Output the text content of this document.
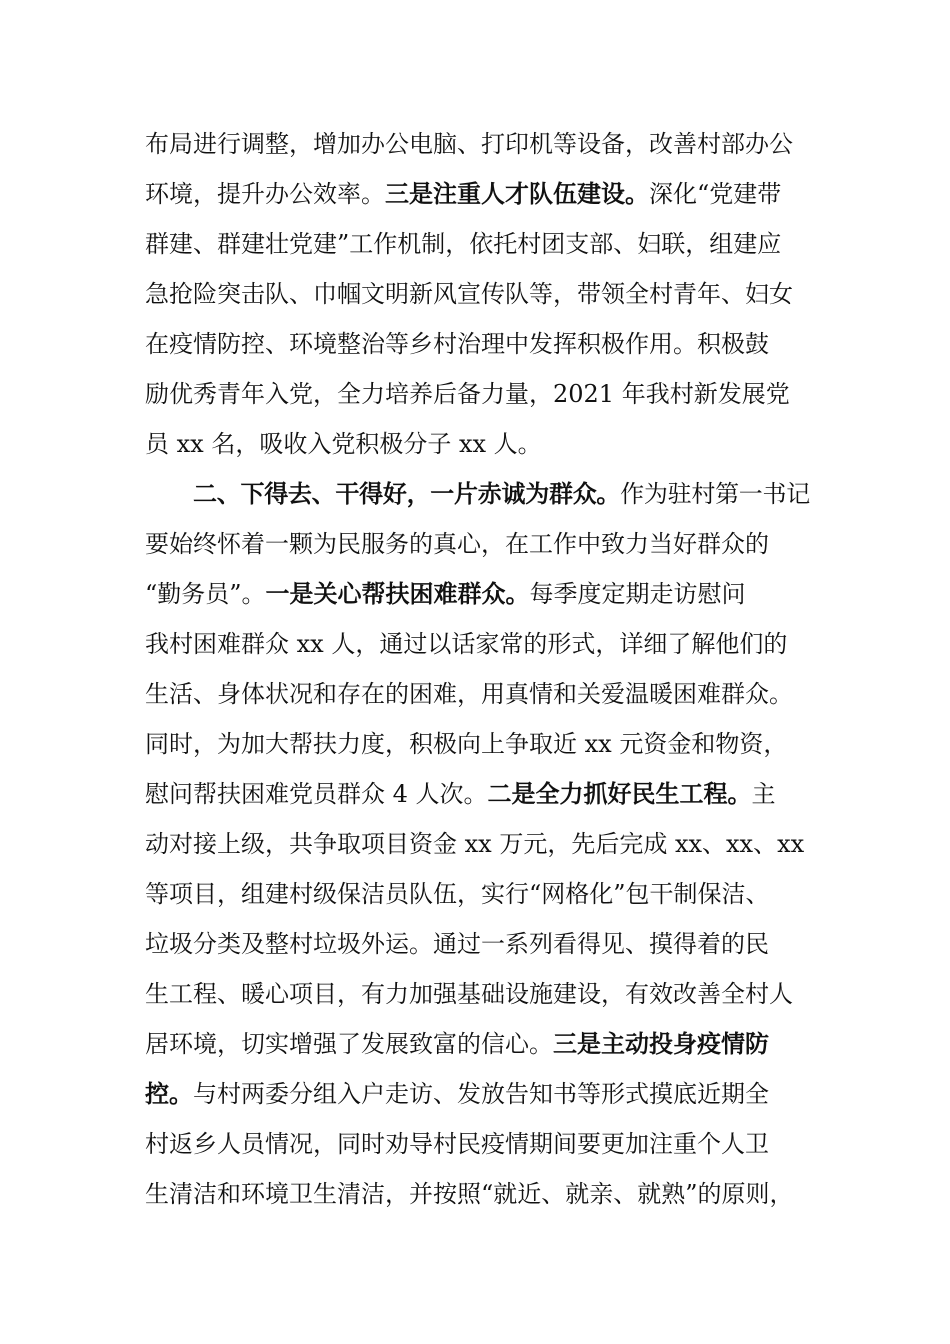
布局进行调整，增加办公电脑、打印机等设备，改善村部办公
环境，提升办公效率。三是注重人才队伍建设。深化“党建带
群建、群建壮党建”工作机制，依托村团支部、妇联，组建应
急抢险突击队、巾帼文明新风宣传队等，带领全村青年、妇女
在疫情防控、环境整治等乡村治理中发挥积极作用。积极鼓
励优秀青年入党，全力培养后备力量，2021 年我村新发展党
员 xx 名，吸收入党积极分子 xx 人。
二、下得去、干得好，一片赤诚为群众。作为驻村第一书记
要始终怀着一颗为民服务的真心，在工作中致力当好群众的
“勤务员”。一是关心帮扶困难群众。每季度定期走访慰问
我村困难群众 xx 人，通过以话家常的形式，详细了解他们的
生活、身体状况和存在的困难，用真情和关爱温暖困难群众。
同时，为加大帮扶力度，积极向上争取近 xx 元资金和物资，
慰问帮扶困难党员群众 4 人次。二是全力抓好民生工程。主
动对接上级，共争取项目资金 xx 万元，先后完成 xx、xx、xx
等项目，组建村级保洁员队伍，实行“网格化”包干制保洁、
垃圾分类及整村垃圾外运。通过一系列看得见、摸得着的民
生工程、暖心项目，有力加强基础设施建设，有效改善全村人
居环境，切实增强了发展致富的信心。三是主动投身疫情防
控。与村两委分组入户走访、发放告知书等形式摸底近期全
村返乡人员情况，同时劝导村民疫情期间要更加注重个人卫
生清洁和环境卫生清洁，并按照“就近、就亲、就熟”的原则，
